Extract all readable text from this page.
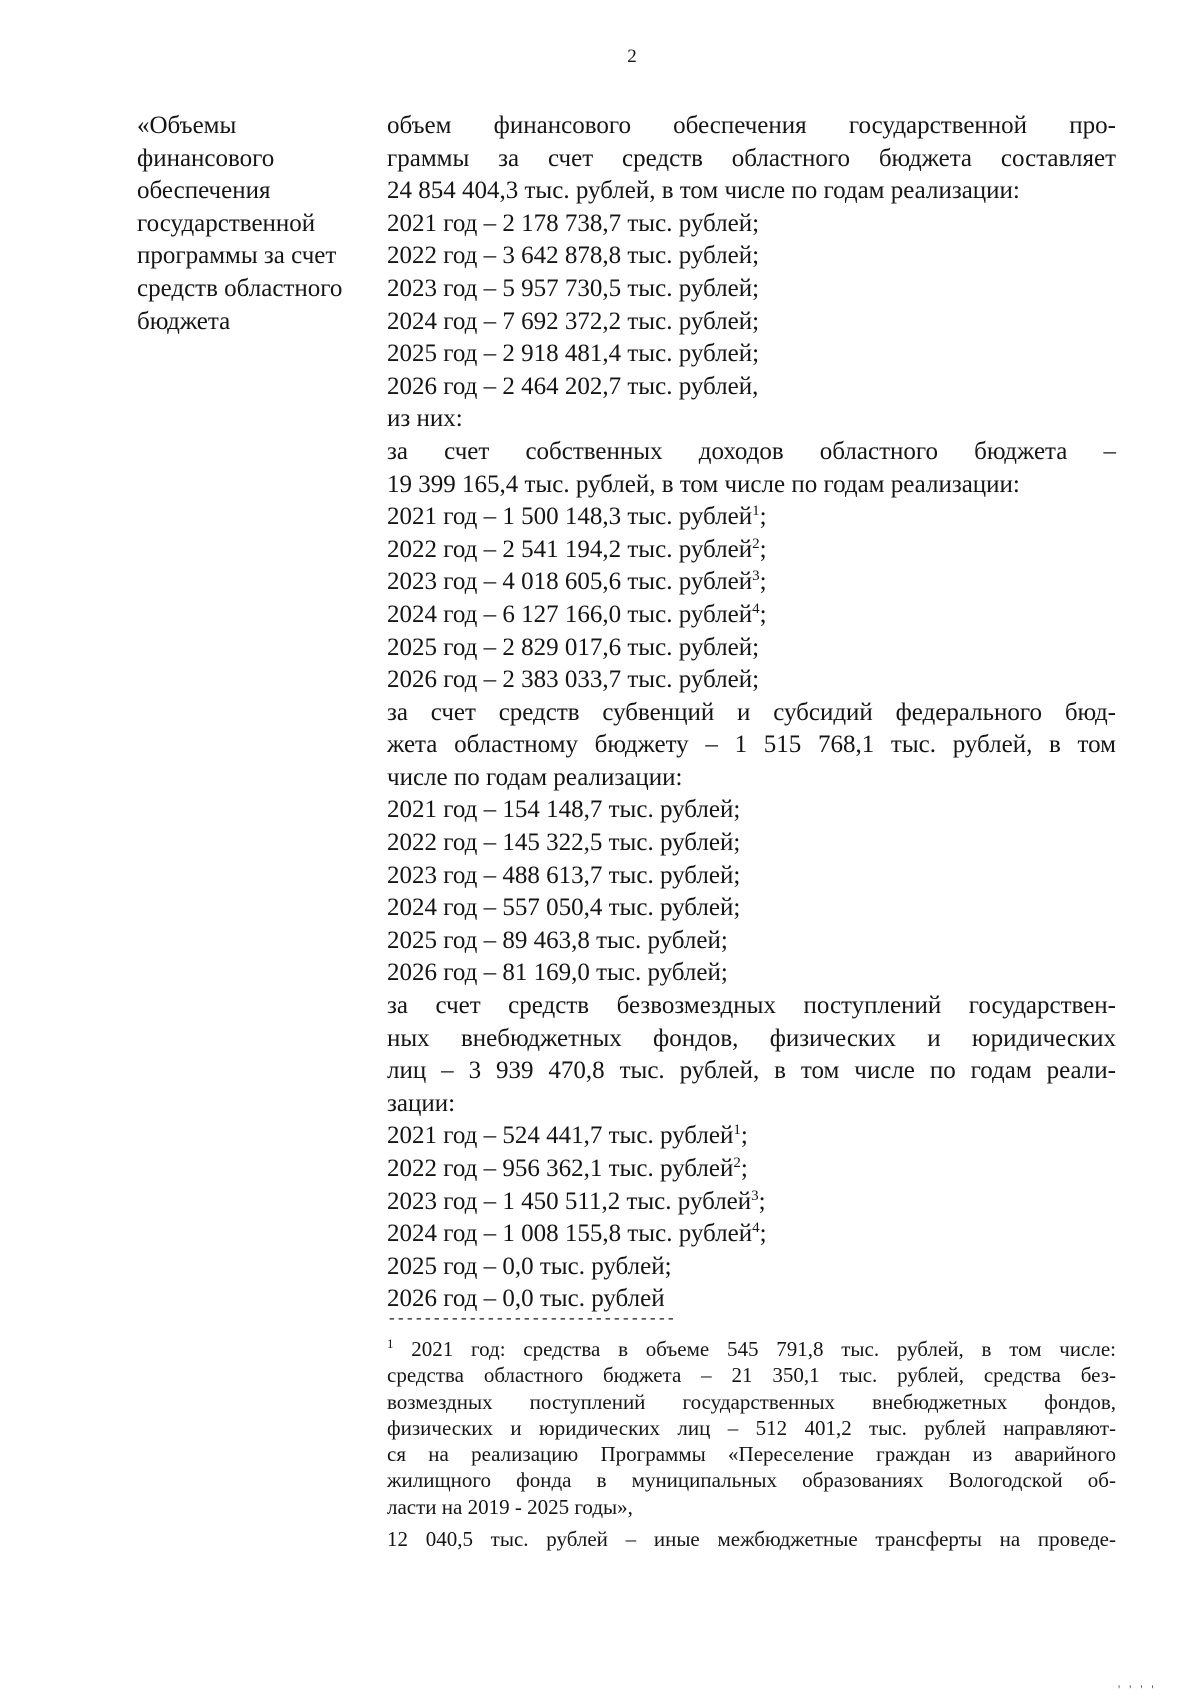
2
«Объемы
финансового
обеспечения
государственной
программы за счет
средств областного
бюджета
объем финансового обеспечения государственной про-
граммы за счет средств областного бюджета составляет
24 854 404,3 тыс. рублей, в том числе по годам реализации:
2021 год – 2 178 738,7 тыс. рублей;
2022 год – 3 642 878,8 тыс. рублей;
2023 год – 5 957 730,5 тыс. рублей;
2024 год – 7 692 372,2 тыс. рублей;
2025 год – 2 918 481,4 тыс. рублей;
2026 год – 2 464 202,7 тыс. рублей,
из них:
за счет собственных доходов областного бюджета –
19 399 165,4 тыс. рублей, в том числе по годам реализации:
2021 год – 1 500 148,3 тыс. рублей$^1$;
2022 год – 2 541 194,2 тыс. рублей$^2$;
2023 год – 4 018 605,6 тыс. рублей$^3$;
2024 год – 6 127 166,0 тыс. рублей$^4$;
2025 год – 2 829 017,6 тыс. рублей;
2026 год – 2 383 033,7 тыс. рублей;
за счет средств субвенций и субсидий федерального бюд-
жета областному бюджету – 1 515 768,1 тыс. рублей, в том
числе по годам реализации:
2021 год – 154 148,7 тыс. рублей;
2022 год – 145 322,5 тыс. рублей;
2023 год – 488 613,7 тыс. рублей;
2024 год – 557 050,4 тыс. рублей;
2025 год – 89 463,8 тыс. рублей;
2026 год – 81 169,0 тыс. рублей;
за счет средств безвозмездных поступлений государствен-
ных внебюджетных фондов, физических и юридических
лиц – 3 939 470,8 тыс. рублей, в том числе по годам реали-
зации:
2021 год – 524 441,7 тыс. рублей$^1$;
2022 год – 956 362,1 тыс. рублей$^2$;
2023 год – 1 450 511,2 тыс. рублей$^3$;
2024 год – 1 008 155,8 тыс. рублей$^4$;
2025 год – 0,0 тыс. рублей;
2026 год – 0,0 тыс. рублей
--------------------------------
$^1$ 2021 год: средства в объеме 545 791,8 тыс. рублей, в том числе:
средства областного бюджета – 21 350,1 тыс. рублей, средства без-
возмездных поступлений государственных внебюджетных фондов,
физических и юридических лиц – 512 401,2 тыс. рублей направляют-
ся на реализацию Программы «Переселение граждан из аварийного
жилищного фонда в муниципальных образованиях Вологодской об-
ласти на 2019 - 2025 годы»,
12 040,5 тыс. рублей – иные межбюджетные трансферты на проведе-
' ' ' '
